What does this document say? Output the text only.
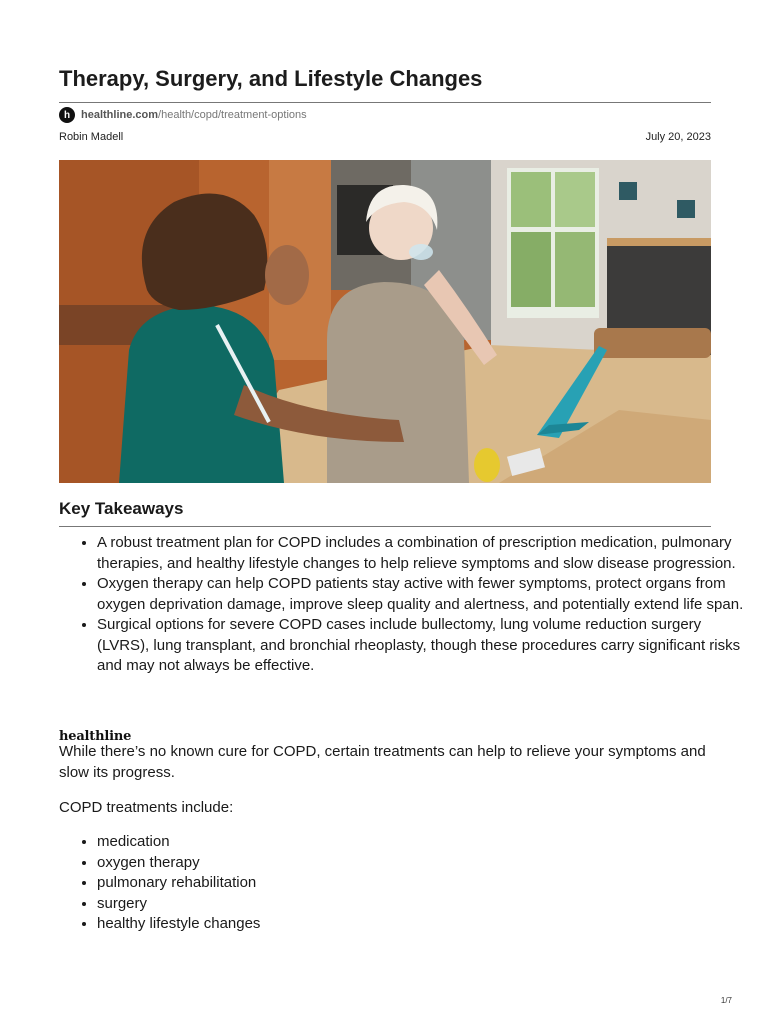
Therapy, Surgery, and Lifestyle Changes
h healthline.com/health/copd/treatment-options
Robin Madell	July 20, 2023
Key Takeaways
• A robust treatment plan for COPD includes a combination of prescription medication, pulmonary therapies, and healthy lifestyle changes to help relieve symptoms and slow disease progression.
• Oxygen therapy can help COPD patients stay active with fewer symptoms, protect organs from oxygen deprivation damage, improve sleep quality and alertness, and potentially extend life span.
• Surgical options for severe COPD cases include bullectomy, lung volume reduction surgery (LVRS), lung transplant, and bronchial rheoplasty, though these procedures carry significant risks and may not always be effective.
healthline

While there’s no known cure for COPD, certain treatments can help to relieve your symptoms and slow its progress.

COPD treatments include:

• medication
• oxygen therapy
• pulmonary rehabilitation
• surgery
• healthy lifestyle changes
1/7
